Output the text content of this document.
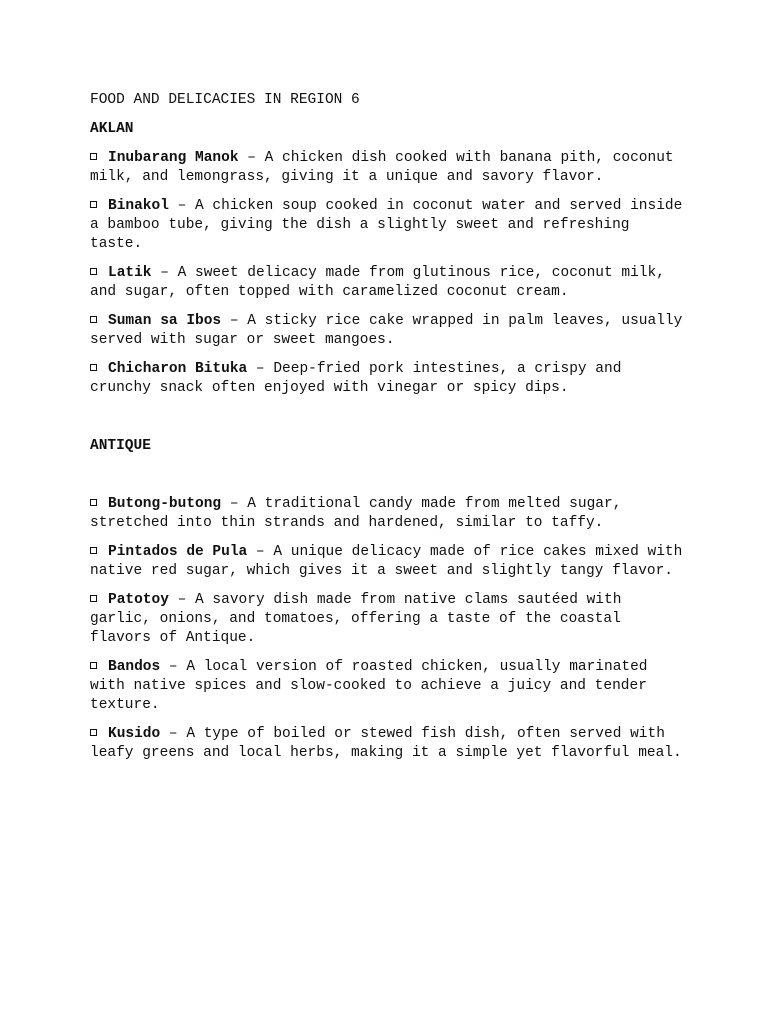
FOOD AND DELICACIES IN REGION 6
AKLAN
Inubarang Manok – A chicken dish cooked with banana pith, coconut milk, and lemongrass, giving it a unique and savory flavor.
Binakol – A chicken soup cooked in coconut water and served inside a bamboo tube, giving the dish a slightly sweet and refreshing taste.
Latik – A sweet delicacy made from glutinous rice, coconut milk, and sugar, often topped with caramelized coconut cream.
Suman sa Ibos – A sticky rice cake wrapped in palm leaves, usually served with sugar or sweet mangoes.
Chicharon Bituka – Deep-fried pork intestines, a crispy and crunchy snack often enjoyed with vinegar or spicy dips.
ANTIQUE
Butong-butong – A traditional candy made from melted sugar, stretched into thin strands and hardened, similar to taffy.
Pintados de Pula – A unique delicacy made of rice cakes mixed with native red sugar, which gives it a sweet and slightly tangy flavor.
Patotoy – A savory dish made from native clams sautéed with garlic, onions, and tomatoes, offering a taste of the coastal flavors of Antique.
Bandos – A local version of roasted chicken, usually marinated with native spices and slow-cooked to achieve a juicy and tender texture.
Kusido – A type of boiled or stewed fish dish, often served with leafy greens and local herbs, making it a simple yet flavorful meal.
